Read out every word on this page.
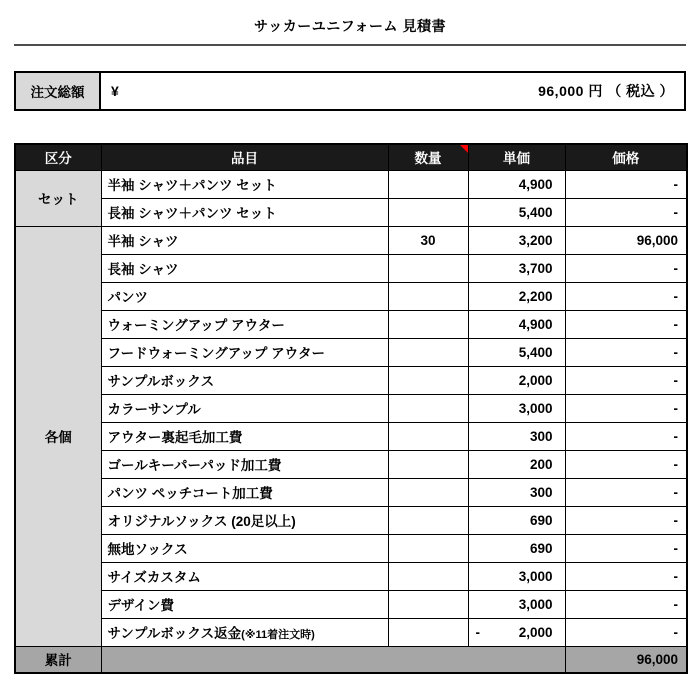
サッカーユニフォーム 見積書
注文総額	¥	96,000 円 （ 税込 ）
区分	品目	数量	単価	価格
セット	半袖 シャツ＋パンツ セット		4,900	-
	長袖 シャツ＋パンツ セット		5,400	-
各個	半袖 シャツ	30	3,200	96,000
	長袖 シャツ		3,700	-
	パンツ		2,200	-
	ウォーミングアップ アウター		4,900	-
	フードウォーミングアップ アウター		5,400	-
	サンプルボックス		2,000	-
	カラーサンプル		3,000	-
	アウター裏起毛加工費		300	-
	ゴールキーパーパッド加工費		200	-
	パンツ ペッチコート加工費		300	-
	オリジナルソックス (20足以上)		690	-
	無地ソックス		690	-
	サイズカスタム		3,000	-
	デザイン費		3,000	-
	サンプルボックス返金(※11着注文時)		- 2,000	-
累計				96,000
